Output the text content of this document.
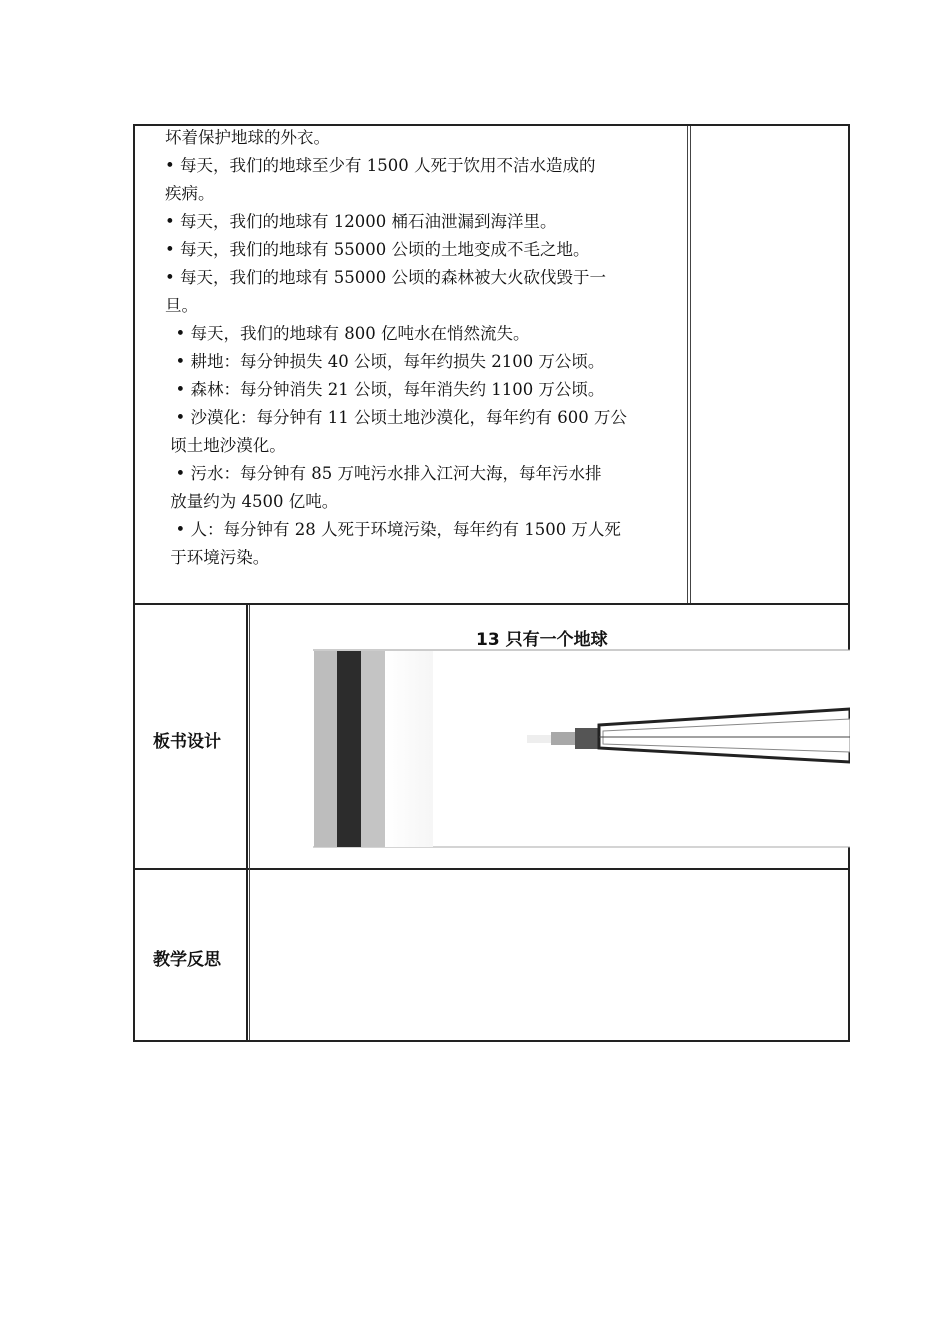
坏着保护地球的外衣。

• 每天，我们的地球至少有 1500 人死于饮用不洁水造成的

疾病。

• 每天，我们的地球有 12000 桶石油泄漏到海洋里。

• 每天，我们的地球有 55000 公顷的土地变成不毛之地。

• 每天，我们的地球有 55000 公顷的森林被大火砍伐毁于一

旦。

• 每天，我们的地球有 800 亿吨水在悄然流失。

• 耕地：每分钟损失 40 公顷，每年约损失 2100 万公顷。

• 森林：每分钟消失 21 公顷，每年消失约 1100 万公顷。

• 沙漠化：每分钟有 11 公顷土地沙漠化，每年约有 600 万公

顷土地沙漠化。

• 污水：每分钟有 85 万吨污水排入江河大海，每年污水排

放量约为 4500 亿吨。

• 人：每分钟有 28 人死于环境污染，每年约有 1500 万人死

于环境污染。

板书设计
13 只有一个地球
教学反思
